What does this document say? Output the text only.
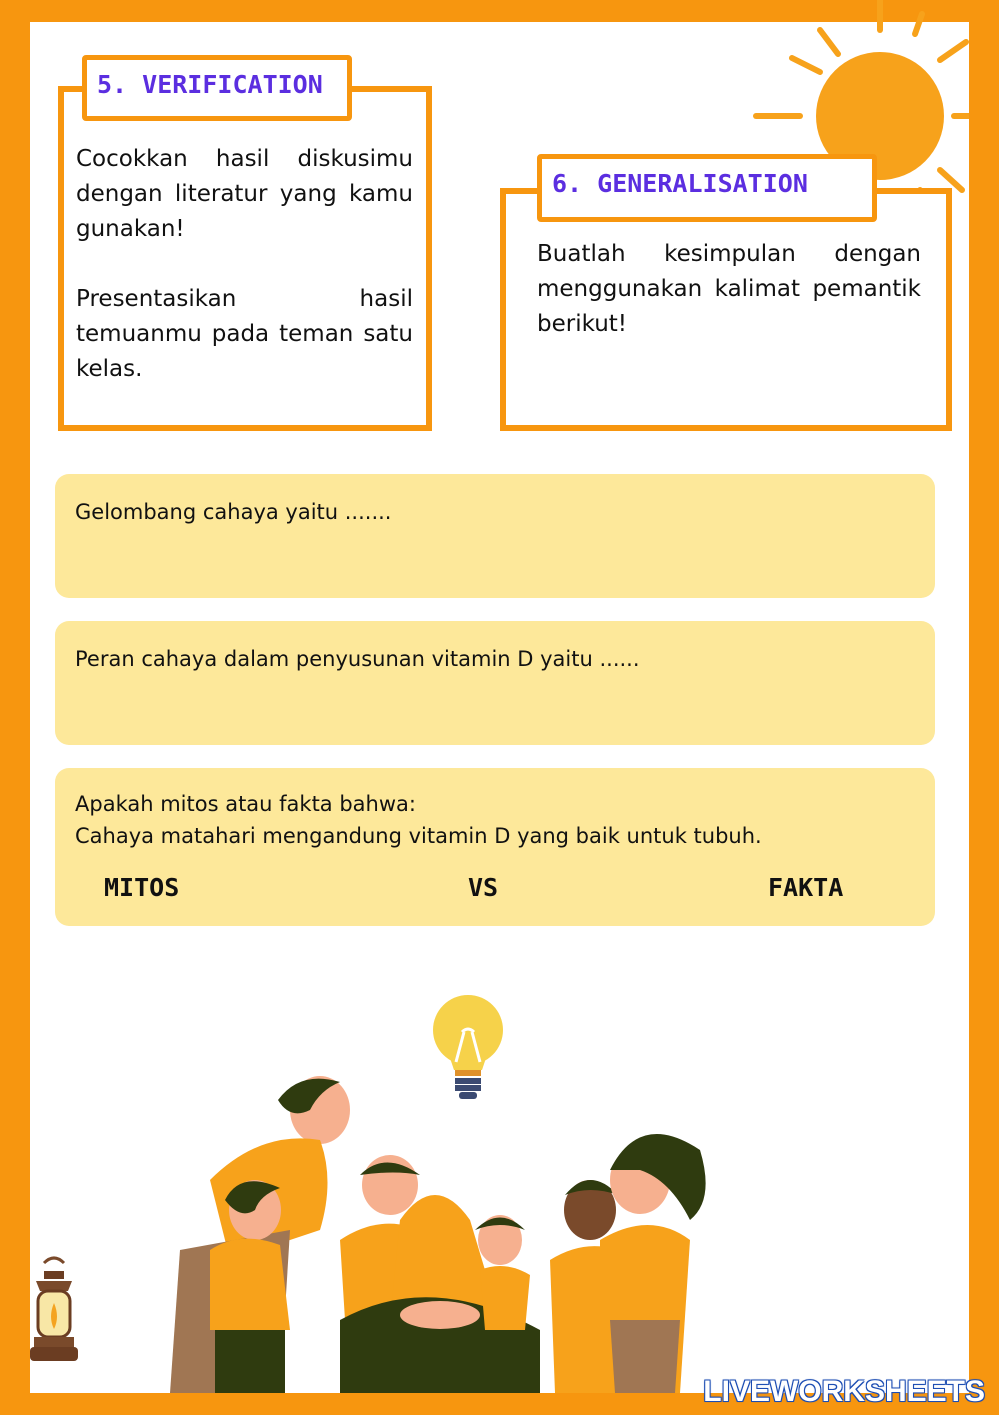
5. VERIFICATION

Cocokkan hasil diskusimu dengan literatur yang kamu gunakan!

Presentasikan hasil temuanmu pada teman satu kelas.

6. GENERALISATION

Buatlah kesimpulan dengan menggunakan kalimat pemantik berikut!

Gelombang cahaya yaitu .......
Peran cahaya dalam penyusunan vitamin D yaitu ......
Apakah mitos atau fakta bahwa:
Cahaya matahari mengandung vitamin D yang baik untuk tubuh.
MITOS	VS	FAKTA
LIVEWORKSHEETS
